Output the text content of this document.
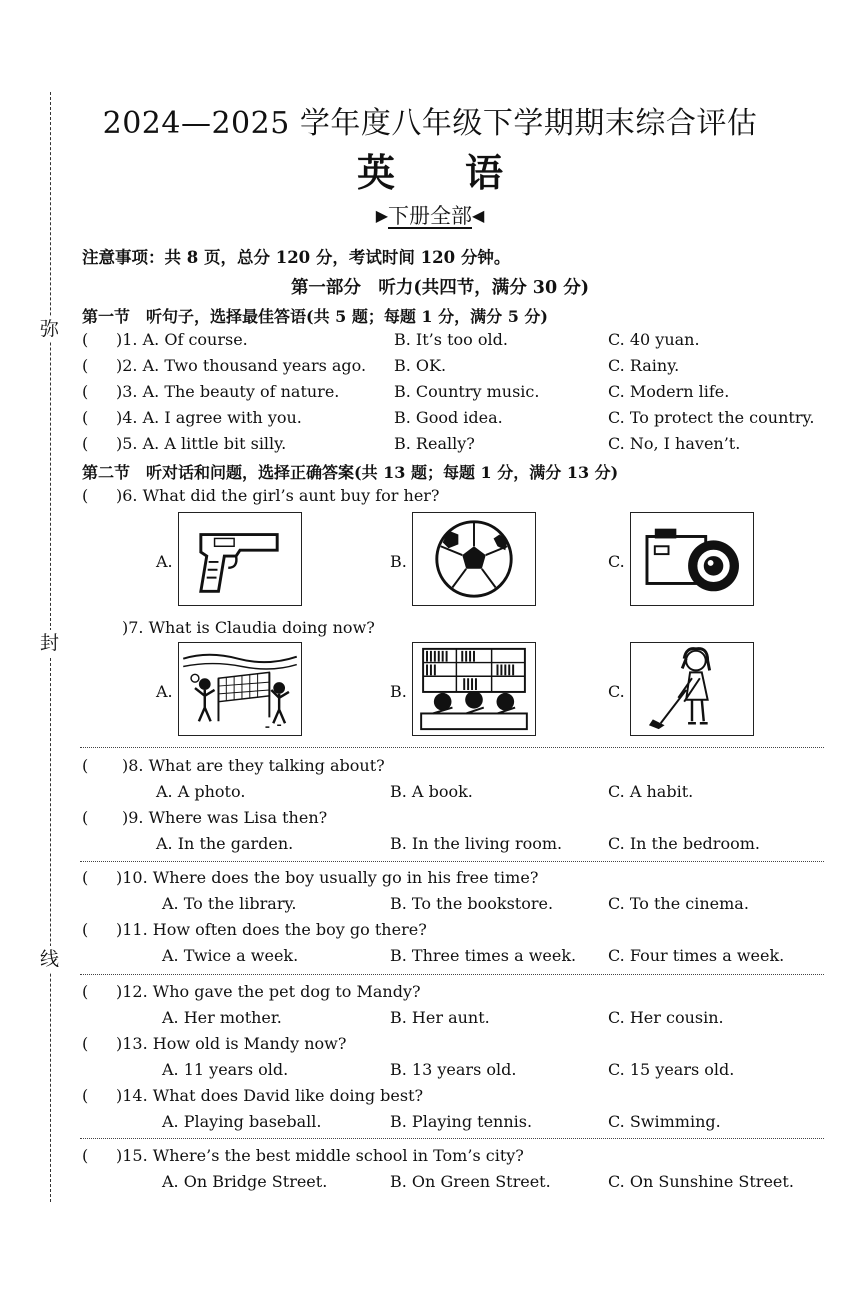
弥
封
线
2024—2025 学年度八年级下学期期末综合评估
英语
▶下册全部◀
注意事项：共 8 页，总分 120 分，考试时间 120 分钟。
第一部分　听力(共四节，满分 30 分)
第一节　听句子，选择最佳答语(共 5 题；每题 1 分，满分 5 分)
( )1. A. Of course.	B. It’s too old.	C. 40 yuan.
( )2. A. Two thousand years ago. B. OK.	C. Rainy.
( )3. A. The beauty of nature.	B. Country music.	C. Modern life.
( )4. A. I agree with you.	B. Good idea.	C. To protect the country.
( )5. A. A little bit silly.	B. Really?	C. No, I haven’t.
第二节　听对话和问题，选择正确答案(共 13 题；每题 1 分，满分 13 分)
( )6. What did the girl’s aunt buy for her?
A.	B.	C.
)7. What is Claudia doing now?
A.	B.	C.
( )8. What are they talking about?
A. A photo.	B. A book.	C. A habit.
( )9. Where was Lisa then?
A. In the garden.	B. In the living room.	C. In the bedroom.
( )10. Where does the boy usually go in his free time?
A. To the library.	B. To the bookstore.	C. To the cinema.
( )11. How often does the boy go there?
A. Twice a week.	B. Three times a week. C. Four times a week.
( )12. Who gave the pet dog to Mandy?
A. Her mother.	B. Her aunt.	C. Her cousin.
( )13. How old is Mandy now?
A. 11 years old.	B. 13 years old.	C. 15 years old.
( )14. What does David like doing best?
A. Playing baseball.	B. Playing tennis.	C. Swimming.
( )15. Where’s the best middle school in Tom’s city?
A. On Bridge Street.	B. On Green Street.	C. On Sunshine Street.
